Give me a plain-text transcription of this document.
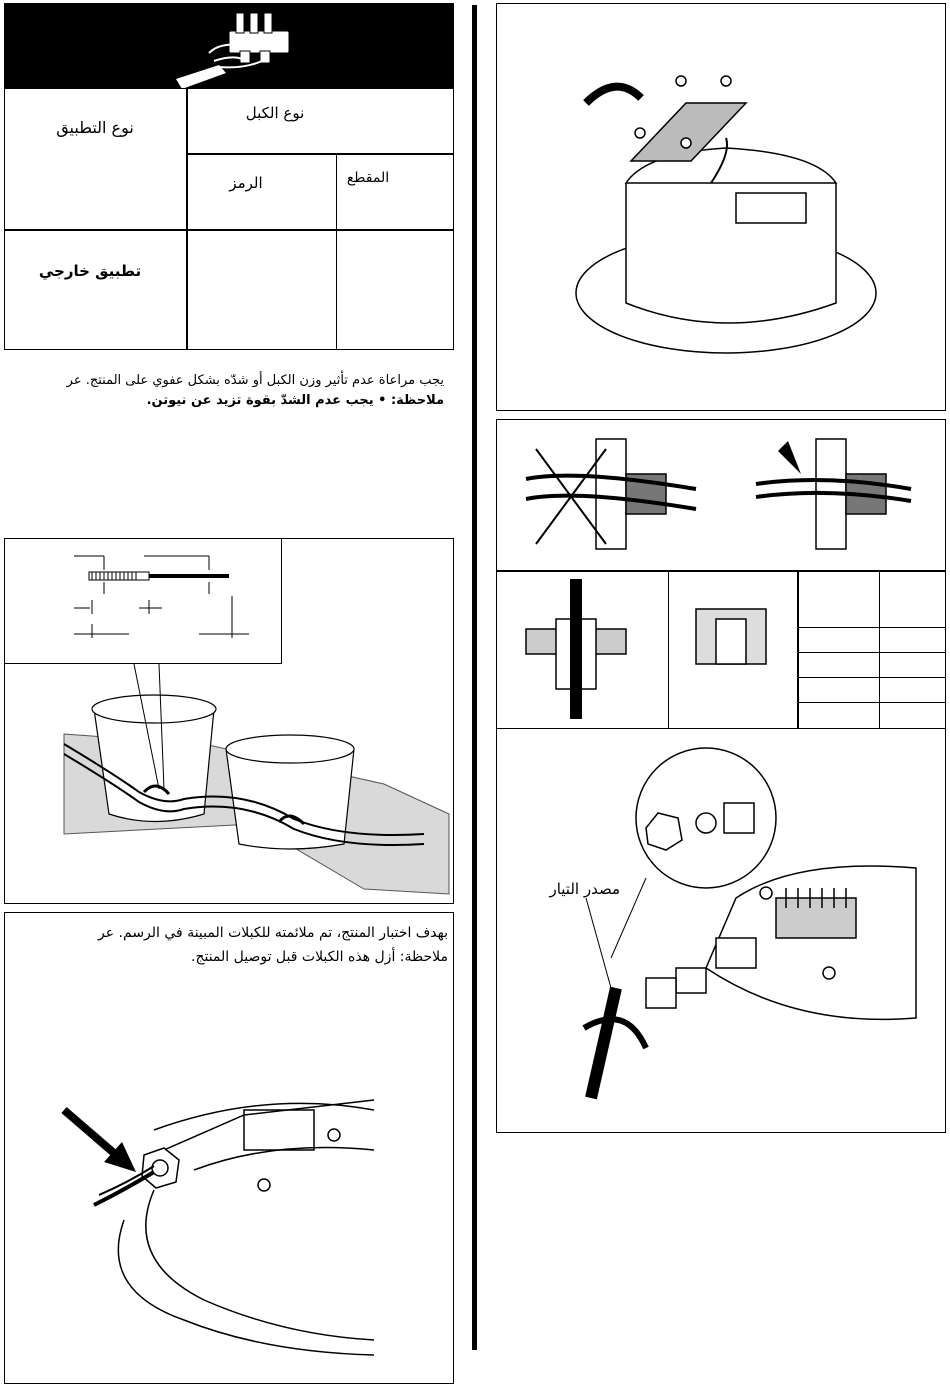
نوع التطبيق
نوع الكبل
الرمز	المقطع
تطبيق خارجي
يجب مراعاة عدم تأثير وزن الكبل أو شدّه بشكل عفوي على المنتج. عر
ملاحظة: • يجب عدم الشدّ بقوة تزيد عن نيوتن.
بهدف اختبار المنتج، تم ملائمته للكبلات المبينة في الرسم. عر
ملاحظة: أزل هذه الكبلات قبل توصيل المنتج.
مصدر التيار
